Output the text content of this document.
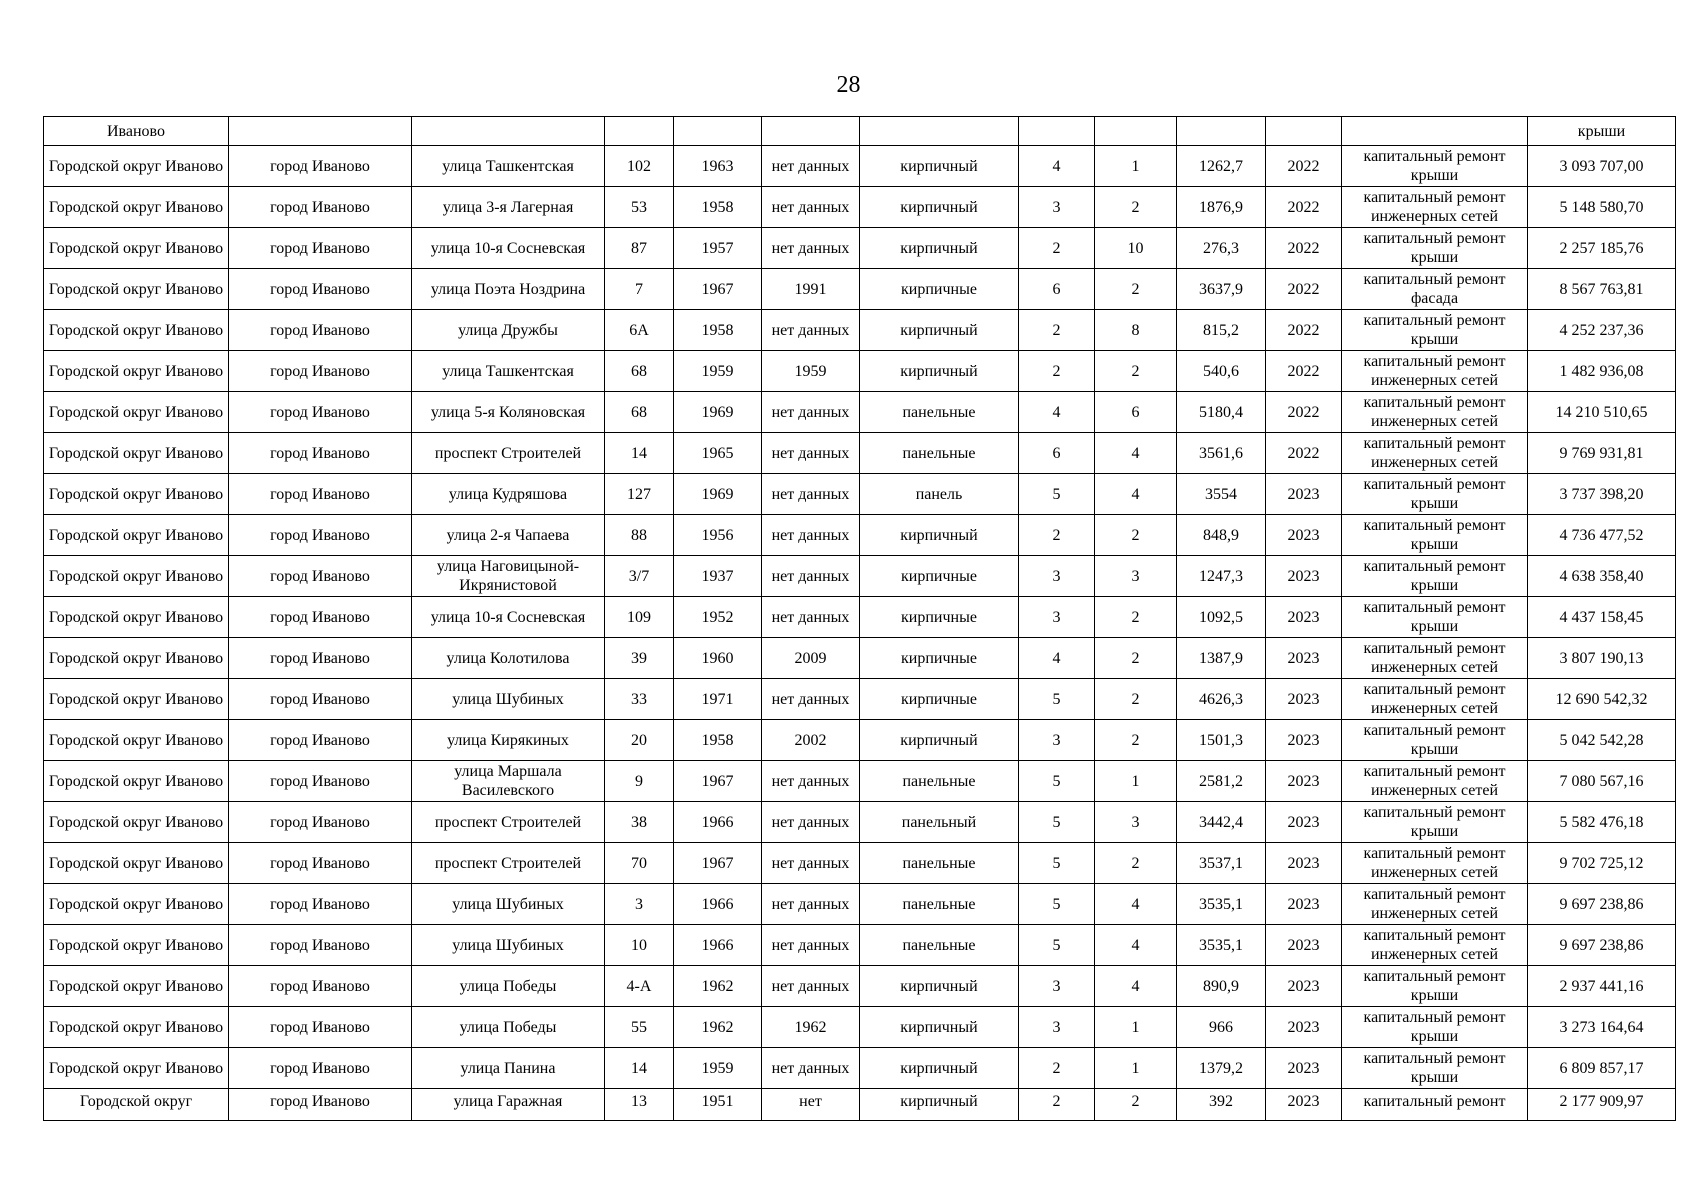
28
Иваново												крыши
Городской округ Иваново	город Иваново	улица Ташкентская	102	1963	нет данных	кирпичный	4	1	1262,7	2022	капитальный ремонт крыши	3 093 707,00
Городской округ Иваново	город Иваново	улица 3-я Лагерная	53	1958	нет данных	кирпичный	3	2	1876,9	2022	капитальный ремонт инженерных сетей	5 148 580,70
Городской округ Иваново	город Иваново	улица 10-я Сосневская	87	1957	нет данных	кирпичный	2	10	276,3	2022	капитальный ремонт крыши	2 257 185,76
Городской округ Иваново	город Иваново	улица Поэта Ноздрина	7	1967	1991	кирпичные	6	2	3637,9	2022	капитальный ремонт фасада	8 567 763,81
Городской округ Иваново	город Иваново	улица Дружбы	6А	1958	нет данных	кирпичный	2	8	815,2	2022	капитальный ремонт крыши	4 252 237,36
Городской округ Иваново	город Иваново	улица Ташкентская	68	1959	1959	кирпичный	2	2	540,6	2022	капитальный ремонт инженерных сетей	1 482 936,08
Городской округ Иваново	город Иваново	улица 5-я Коляновская	68	1969	нет данных	панельные	4	6	5180,4	2022	капитальный ремонт инженерных сетей	14 210 510,65
Городской округ Иваново	город Иваново	проспект Строителей	14	1965	нет данных	панельные	6	4	3561,6	2022	капитальный ремонт инженерных сетей	9 769 931,81
Городской округ Иваново	город Иваново	улица Кудряшова	127	1969	нет данных	панель	5	4	3554	2023	капитальный ремонт крыши	3 737 398,20
Городской округ Иваново	город Иваново	улица 2-я Чапаева	88	1956	нет данных	кирпичный	2	2	848,9	2023	капитальный ремонт крыши	4 736 477,52
Городской округ Иваново	город Иваново	улица Наговицыной-Икрянистовой	3/7	1937	нет данных	кирпичные	3	3	1247,3	2023	капитальный ремонт крыши	4 638 358,40
Городской округ Иваново	город Иваново	улица 10-я Сосневская	109	1952	нет данных	кирпичные	3	2	1092,5	2023	капитальный ремонт крыши	4 437 158,45
Городской округ Иваново	город Иваново	улица Колотилова	39	1960	2009	кирпичные	4	2	1387,9	2023	капитальный ремонт инженерных сетей	3 807 190,13
Городской округ Иваново	город Иваново	улица Шубиных	33	1971	нет данных	кирпичные	5	2	4626,3	2023	капитальный ремонт инженерных сетей	12 690 542,32
Городской округ Иваново	город Иваново	улица Кирякиных	20	1958	2002	кирпичный	3	2	1501,3	2023	капитальный ремонт крыши	5 042 542,28
Городской округ Иваново	город Иваново	улица Маршала Василевского	9	1967	нет данных	панельные	5	1	2581,2	2023	капитальный ремонт инженерных сетей	7 080 567,16
Городской округ Иваново	город Иваново	проспект Строителей	38	1966	нет данных	панельный	5	3	3442,4	2023	капитальный ремонт крыши	5 582 476,18
Городской округ Иваново	город Иваново	проспект Строителей	70	1967	нет данных	панельные	5	2	3537,1	2023	капитальный ремонт инженерных сетей	9 702 725,12
Городской округ Иваново	город Иваново	улица Шубиных	3	1966	нет данных	панельные	5	4	3535,1	2023	капитальный ремонт инженерных сетей	9 697 238,86
Городской округ Иваново	город Иваново	улица Шубиных	10	1966	нет данных	панельные	5	4	3535,1	2023	капитальный ремонт инженерных сетей	9 697 238,86
Городской округ Иваново	город Иваново	улица Победы	4-А	1962	нет данных	кирпичный	3	4	890,9	2023	капитальный ремонт крыши	2 937 441,16
Городской округ Иваново	город Иваново	улица Победы	55	1962	1962	кирпичный	3	1	966	2023	капитальный ремонт крыши	3 273 164,64
Городской округ Иваново	город Иваново	улица Панина	14	1959	нет данных	кирпичный	2	1	1379,2	2023	капитальный ремонт крыши	6 809 857,17
Городской округ	город Иваново	улица Гаражная	13	1951	нет	кирпичный	2	2	392	2023	капитальный ремонт	2 177 909,97
